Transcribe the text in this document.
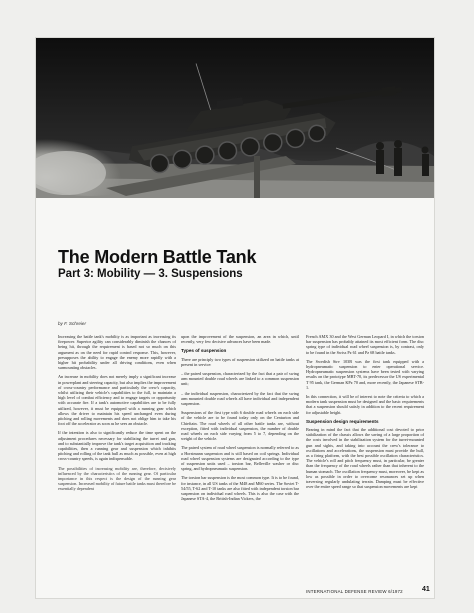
The Modern Battle Tank
Part 3: Mobility — 3. Suspensions
by F. Schreier

Increasing the battle tank's mobility is as important as increasing its firepower. Superior agility can considerably diminish the chances of being hit, through the requirement is based not so much on this argument as on the need for rapid control response. This, however, presupposes the ability to engage the enemy more rapidly with a higher hit probability under all driving conditions, even when surmounting obstacles.

An increase in mobility does not merely imply a significant increase in powerplant and steering capacity, but also implies the improvement of cross-country performance and particularly the crew's capacity, whilst utilizing their vehicle's capabilities to the full, to maintain a high level of combat efficiency and to engage targets or opportunity with accurate fire. If a tank's automotive capabilities are to be fully utilized, however, it must be equipped with a running gear which allows the driver to maintain his speed unchanged even during pitching and rolling movements and does not oblige him to take his foot off the accelerator as soon as he sees an obstacle.

If the intention is also to significantly reduce the time spent on the adjustment procedures necessary for stabilizing the turret and gun, and to substantially improve the tank's target acquisition and tracking capabilities, then a running gear and suspension which inhibits pitching and rolling of the tank hull as much as possible, even at high cross-country speeds, is again indispensable.

The possibilities of increasing mobility are, therefore, decisively influenced by the characteristics of the running gear. Of particular importance in this respect is the design of the running gear suspension. Increased mobility of future battle tanks must therefore be essentially dependent

upon the improvement of the suspension, an area in which, until recently, very few decisive advances have been made.

Types of suspension

There are principly two types of suspension utilized on battle tanks at present in service:

– the paired suspension, characterized by the fact that a pair of swing arm mounted double road wheels are linked to a common suspension unit;

– the individual suspension, characterized by the fact that the swing arm mounted double road wheels all have individual and independent suspension.

Suspensions of the first type with 6 double road wheels on each side of the vehicle are to be found today only on the Centurion and Chieftain. The road wheels of all other battle tanks are, without exception, fitted with individual suspension, the number of double road wheels on each side varying from 5 to 7, depending on the weight of the vehicle.

The paired system of road wheel suspension is normally referred to as a Horstmann suspension and is still based on coil springs. Individual road wheel suspension systems are designated according to the type of suspension units used – torsion bar, Belleville washer or disc spring, and hydropneumatic suspension.

The torsion bar suspension is the most common type. It is to be found, for instance, in all US tanks of the M48 and M60 series. The Soviet T-54/55, T-62 and T-10 tanks are also fitted with independent torsion bar suspension on individual road wheels. This is also the case with the Japanese STA-4, the British-Indian Vickers, the

French AMX 30 and the West German Leopard I, in which the torsion bar suspension has probably attained its most efficient form. The disc spring type of individual road wheel suspension is, by contrast, only to be found in the Swiss Pz 61 and Pz 68 battle tanks.

The Swedish Strv 103B was the first tank equipped with a hydropneumatic suspension to enter operational service. Hydropneumatic suspension systems have been tested with varying results on the prototype MBT-70, its predecessor the US experimental T 95 tank, the German KPz 70 and, more recently, the Japanese STB-1.

In this connection, it will be of interest to note the criteria to which a modern tank suspension must be designed and the basic requirements that a suspension should satisfy in addition to the recent requirement for adjustable height.

Suspension design requirements

Bearing in mind the fact that the additional cost devoted to prior stabilization of the chassis allows the saving of a large proportion of the costs involved in the stabilization system for the turret-mounted gun and sights, and taking into account the crew's tolerance to oscillations and accelerations, the suspension must provide the hull, as a firing platform, with the best possible oscillation characteristics. The vehicle's roll and pitch frequency must, in particular, be greater than the frequency of the road wheels rather than that inherent to the human stomach. The oscillation frequency must, moreover, be kept as low as possible in order to overcome resonances set up when traversing regularly undulating terrain. Damping must be effective over the entire speed range so that suspension movements are kept

INTERNATIONAL DEFENSE REVIEW 6/1972	41
